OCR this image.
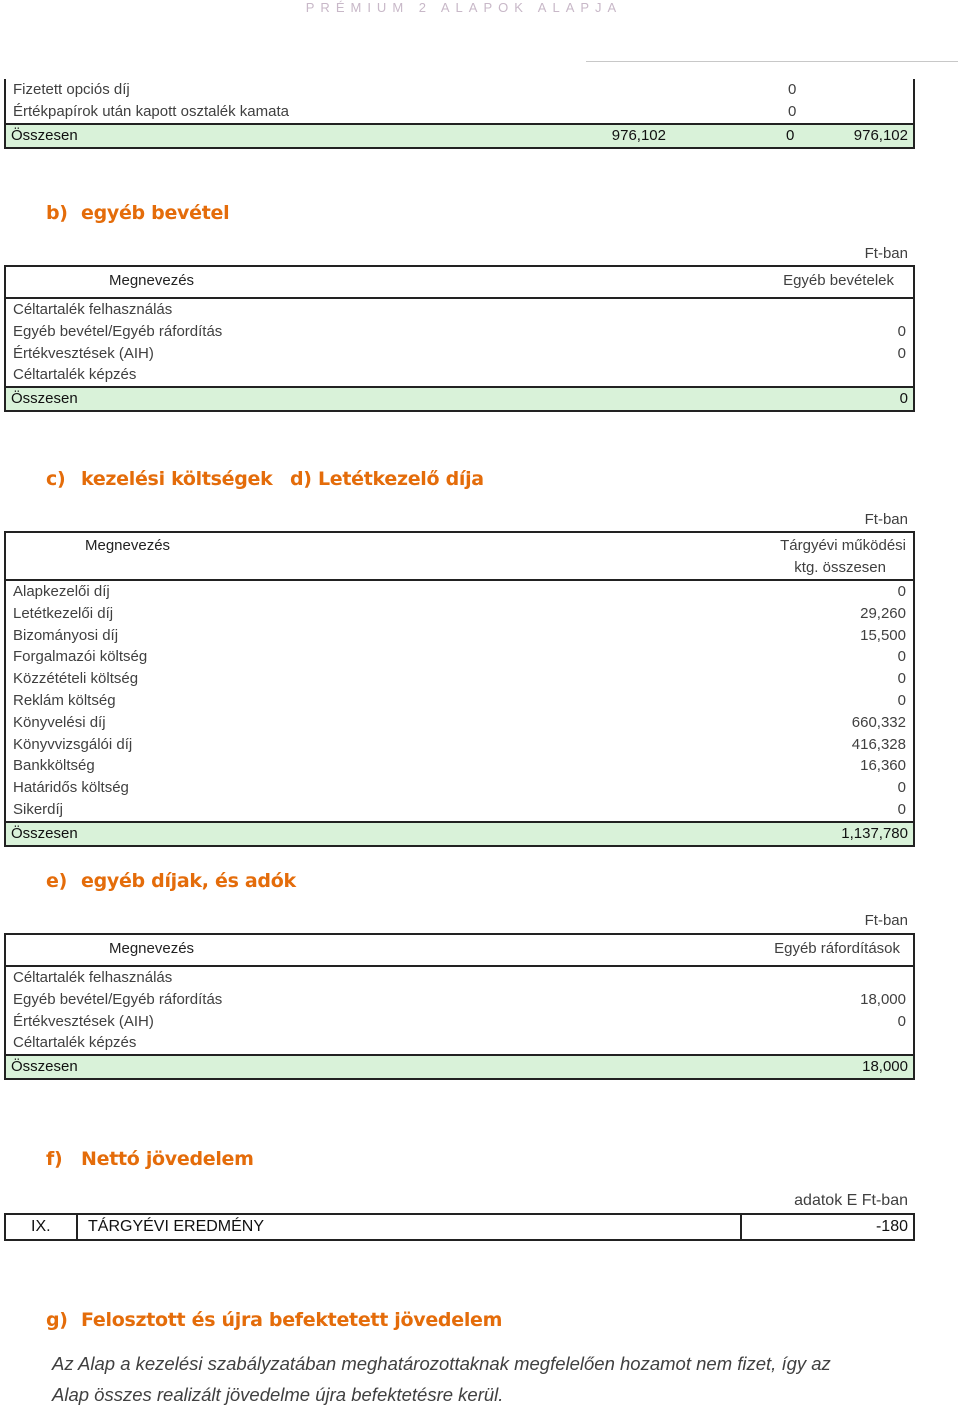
PRÉMIUM 2 ALAPOK ALAPJA
Fizetett opciós díj	0
Értékpapírok után kapott osztalék kamata	0
Összesen	976,102	0	976,102
b) egyéb bevétel
Ft-ban
Megnevezés	Egyéb bevételek
Céltartalék felhasználás
Egyéb bevétel/Egyéb ráfordítás	0
Értékvesztések (AIH)	0
Céltartalék képzés
Összesen	0
c) kezelési költségek d) Letétkezelő díja
Ft-ban
Megnevezés	Tárgyévi működési
ktg. összesen
Alapkezelői díj	0
Letétkezelői díj	29,260
Bizományosi díj	15,500
Forgalmazói költség	0
Közzétételi költség	0
Reklám költség	0
Könyvelési díj	660,332
Könyvvizsgálói díj	416,328
Bankköltség	16,360
Határidős költség	0
Sikerdíj	0
Összesen	1,137,780
e) egyéb díjak, és adók
Ft-ban
Megnevezés	Egyéb ráfordítások
Céltartalék felhasználás
Egyéb bevétel/Egyéb ráfordítás	18,000
Értékvesztések (AIH)	0
Céltartalék képzés
Összesen	18,000
f) Nettó jövedelem
adatok E Ft-ban
IX. TÁRGYÉVI EREDMÉNY	-180
g) Felosztott és újra befektetett jövedelem
Az Alap a kezelési szabályzatában meghatározottaknak megfelelően hozamot nem fizet, így az
Alap összes realizált jövedelme újra befektetésre kerül.
